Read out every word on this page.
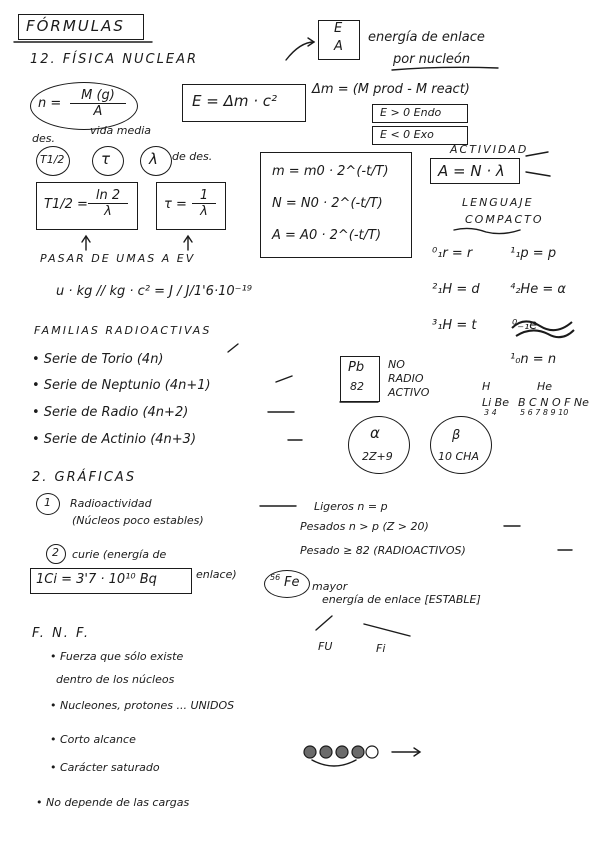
FÓRMULAS
12. FÍSICA NUCLEAR
E
A
energía de enlace
por nucleón
$n = \frac{M (g)}{A}$	E = Δm · c²
Δm = (M prod - M react)
E > 0 Endo
E < 0 Exo
ACTIVIDAD
A = N · λ
LENGUAJE
COMPACTO
des.
vida media
T1/2 τ	λ de des.
$T1/2 = \frac{\ln 2}{\lambda}$	$\tau = \frac{1}{\lambda}$
m = m0 · 2^(-t/T)
N = N0 · 2^(-t/T)
A = A0 · 2^(-t/T)
PASAR DE UMAS A EV
u · kg // kg · c² = J / J/1'6·10⁻¹⁹
⁰₁r = r	¹₁p = p
²₁H = d ⁴₂He = α
³₁H = t	⁰₋₁e
¹₀n = n
H	He
Li Be B C N O F Ne
3 4	5 6 7 8 9 10
FAMILIAS RADIOACTIVAS
• Serie de Torio (4n)
• Serie de Neptunio (4n+1)
• Serie de Radio (4n+2)
• Serie de Actinio (4n+3)
Pb
82
NO
RADIO
ACTIVO
α
2Z+9
β
10 CHA
2. GRÁFICAS
1 Radioactividad
(Núcleos poco estables)
Ligeros n = p
Pesados n > p (Z > 20)
Pesado ≥ 82 (RADIOACTIVOS)
2 curie (energía de
enlace)
1Ci = 3'7 · 10¹⁰ Bq	56 Fe mayor
energía de enlace [ESTABLE]
F. N. F.
• Fuerza que sólo existe
dentro de los núcleos
• Nucleones, protones ... UNIDOS
• Corto alcance
• Carácter saturado
• No depende de las cargas
FU	Fi
